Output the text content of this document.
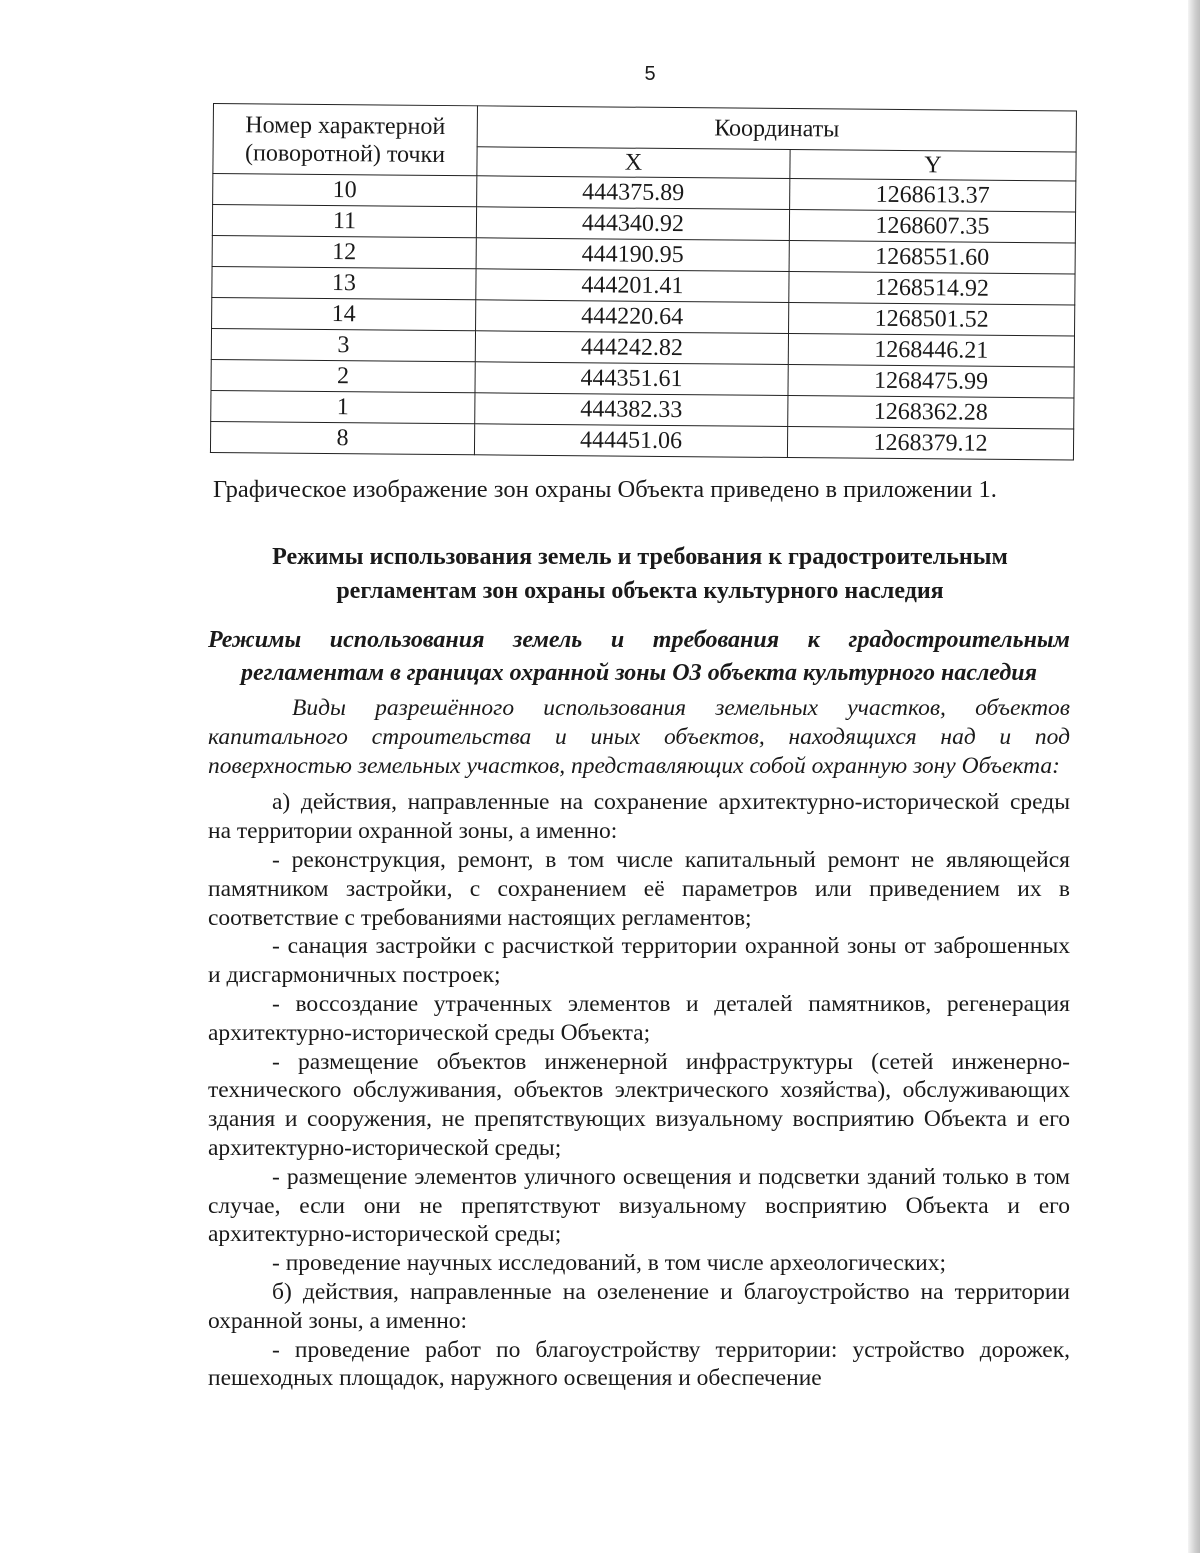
5
Номер характерной (поворотной) точки	Координаты	
	X	Y
10	444375.89	1268613.37
11	444340.92	1268607.35
12	444190.95	1268551.60
13	444201.41	1268514.92
14	444220.64	1268501.52
3	444242.82	1268446.21
2	444351.61	1268475.99
1	444382.33	1268362.28
8	444451.06	1268379.12
Графическое изображение зон охраны Объекта приведено в приложении 1.
Режимы использования земель и требования к градостроительным регламентам зон охраны объекта культурного наследия
Режимы использования земель и требования к градостроительным регламентам в границах охранной зоны ОЗ объекта культурного наследия

Виды разрешённого использования земельных участков, объектов капитального строительства и иных объектов, находящихся над и под поверхностью земельных участков, представляющих собой охранную зону Объекта:

а) действия, направленные на сохранение архитектурно-исторической среды на территории охранной зоны, а именно:

- реконструкция, ремонт, в том числе капитальный ремонт не являющейся памятником застройки, с сохранением её параметров или приведением их в соответствие с требованиями настоящих регламентов;

- санация застройки с расчисткой территории охранной зоны от заброшенных и дисгармоничных построек;

- воссоздание утраченных элементов и деталей памятников, регенерация архитектурно-исторической среды Объекта;

- размещение объектов инженерной инфраструктуры (сетей инженерно-технического обслуживания, объектов электрического хозяйства), обслуживающих здания и сооружения, не препятствующих визуальному восприятию Объекта и его архитектурно-исторической среды;

- размещение элементов уличного освещения и подсветки зданий только в том случае, если они не препятствуют визуальному восприятию Объекта и его архитектурно-исторической среды;

- проведение научных исследований, в том числе археологических;

б) действия, направленные на озеленение и благоустройство на территории охранной зоны, а именно:

- проведение работ по благоустройству территории: устройство дорожек, пешеходных площадок, наружного освещения и обеспечение
